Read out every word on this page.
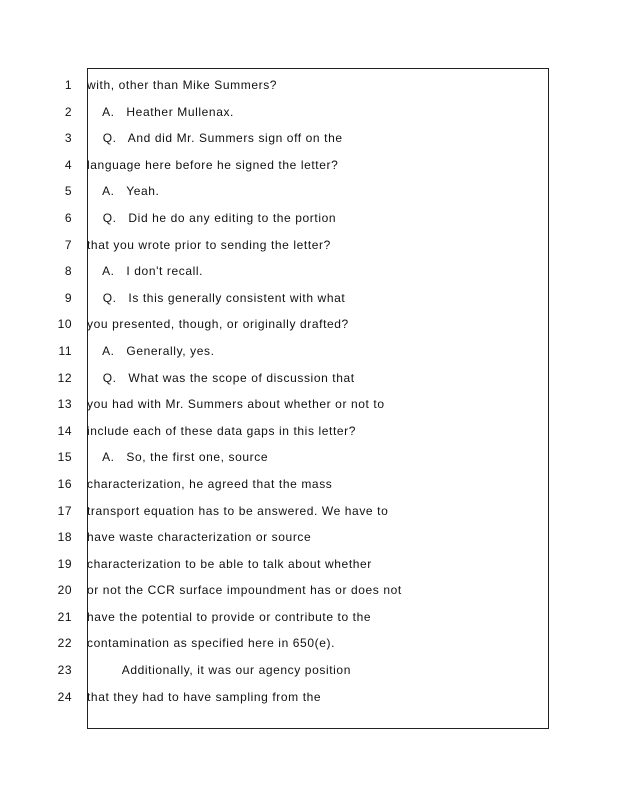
1
2
3
4
5
6
7
8
9
10
11
12
13
14
15
16
17
18
19
20
21
22
23
24
with, other than Mike Summers?
A.   Heather Mullenax.
Q.   And did Mr. Summers sign off on the
language here before he signed the letter?
A.   Yeah.
Q.   Did he do any editing to the portion
that you wrote prior to sending the letter?
A.   I don't recall.
Q.   Is this generally consistent with what
you presented, though, or originally drafted?
A.   Generally, yes.
Q.   What was the scope of discussion that
you had with Mr. Summers about whether or not to
include each of these data gaps in this letter?
A.   So, the first one, source
characterization, he agreed that the mass
transport equation has to be answered. We have to
have waste characterization or source
characterization to be able to talk about whether
or not the CCR surface impoundment has or does not
have the potential to provide or contribute to the
contamination as specified here in 650(e).
Additionally, it was our agency position
that they had to have sampling from the
